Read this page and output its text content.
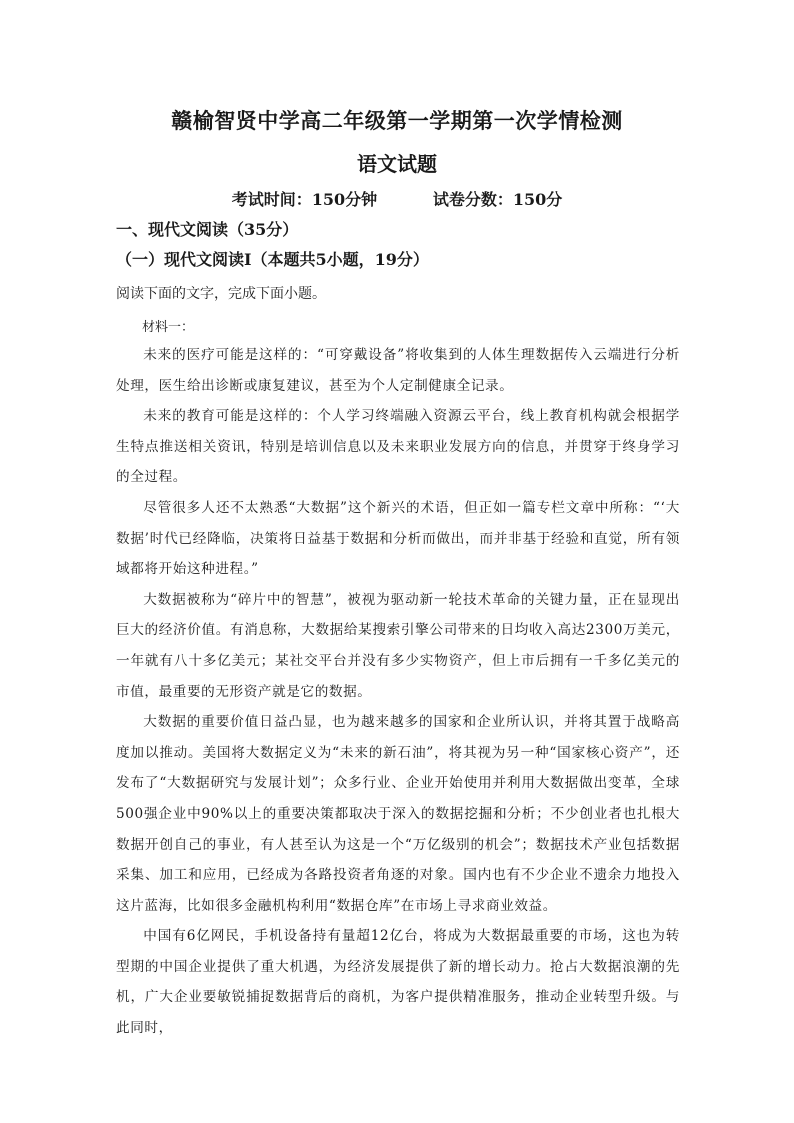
赣榆智贤中学高二年级第一学期第一次学情检测
语文试题
考试时间：150分钟          试卷分数：150分
一、现代文阅读（35分）
（一）现代文阅读Ⅰ（本题共5小题，19分）
阅读下面的文字，完成下面小题。
材料一：

未来的医疗可能是这样的：“可穿戴设备”将收集到的人体生理数据传入云端进行分析处理，医生给出诊断或康复建议，甚至为个人定制健康全记录。

未来的教育可能是这样的：个人学习终端融入资源云平台，线上教育机构就会根据学生特点推送相关资讯，特别是培训信息以及未来职业发展方向的信息，并贯穿于终身学习的全过程。

尽管很多人还不太熟悉“大数据”这个新兴的术语，但正如一篇专栏文章中所称：“‘大数据’时代已经降临，决策将日益基于数据和分析而做出，而并非基于经验和直觉，所有领域都将开始这种进程。”

大数据被称为“碎片中的智慧”，被视为驱动新一轮技术革命的关键力量，正在显现出巨大的经济价值。有消息称，大数据给某搜索引擎公司带来的日均收入高达2300万美元，一年就有八十多亿美元；某社交平台并没有多少实物资产，但上市后拥有一千多亿美元的市值，最重要的无形资产就是它的数据。

大数据的重要价值日益凸显，也为越来越多的国家和企业所认识，并将其置于战略高度加以推动。美国将大数据定义为“未来的新石油”，将其视为另一种“国家核心资产”，还发布了“大数据研究与发展计划”；众多行业、企业开始使用并利用大数据做出变革，全球500强企业中90%以上的重要决策都取决于深入的数据挖掘和分析；不少创业者也扎根大数据开创自己的事业，有人甚至认为这是一个“万亿级别的机会”；数据技术产业包括数据采集、加工和应用，已经成为各路投资者角逐的对象。国内也有不少企业不遗余力地投入这片蓝海，比如很多金融机构利用“数据仓库”在市场上寻求商业效益。

中国有6亿网民，手机设备持有量超12亿台，将成为大数据最重要的市场，这也为转型期的中国企业提供了重大机遇，为经济发展提供了新的增长动力。抢占大数据浪潮的先机，广大企业要敏锐捕捉数据背后的商机，为客户提供精准服务，推动企业转型升级。与此同时，
